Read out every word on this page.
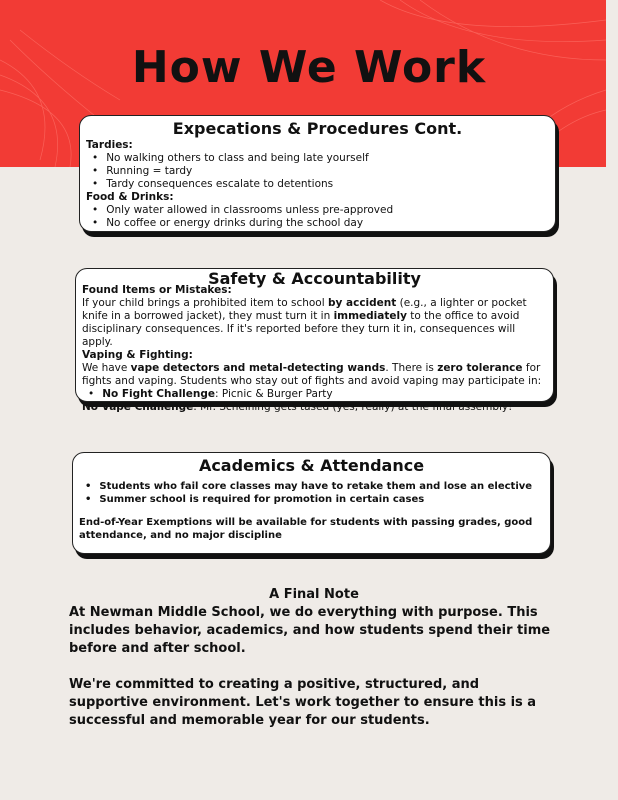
How We Work
Expecations & Procedures Cont.
Tardies:
• No walking others to class and being late yourself
• Running = tardy
• Tardy consequences escalate to detentions
Food & Drinks:
• Only water allowed in classrooms unless pre-approved
• No coffee or energy drinks during the school day
Safety & Accountability
Found Items or Mistakes:
If your child brings a prohibited item to school by accident (e.g., a lighter or pocket knife in a borrowed jacket), they must turn it in immediately to the office to avoid disciplinary consequences. If it's reported before they turn it in, consequences will apply.
Vaping & Fighting:
We have vape detectors and metal-detecting wands. There is zero tolerance for fights and vaping. Students who stay out of fights and avoid vaping may participate in:
• No Fight Challenge: Picnic & Burger Party
No Vape Challenge: Mr. Scheihing gets tased (yes, really) at the final assembly!
Academics & Attendance
• Students who fail core classes may have to retake them and lose an elective
• Summer school is required for promotion in certain cases

End-of-Year Exemptions will be available for students with passing grades, good attendance, and no major discipline

A Final Note

At Newman Middle School, we do everything with purpose. This includes behavior, academics, and how students spend their time before and after school.

We're committed to creating a positive, structured, and supportive environment. Let's work together to ensure this is a successful and memorable year for our students.
